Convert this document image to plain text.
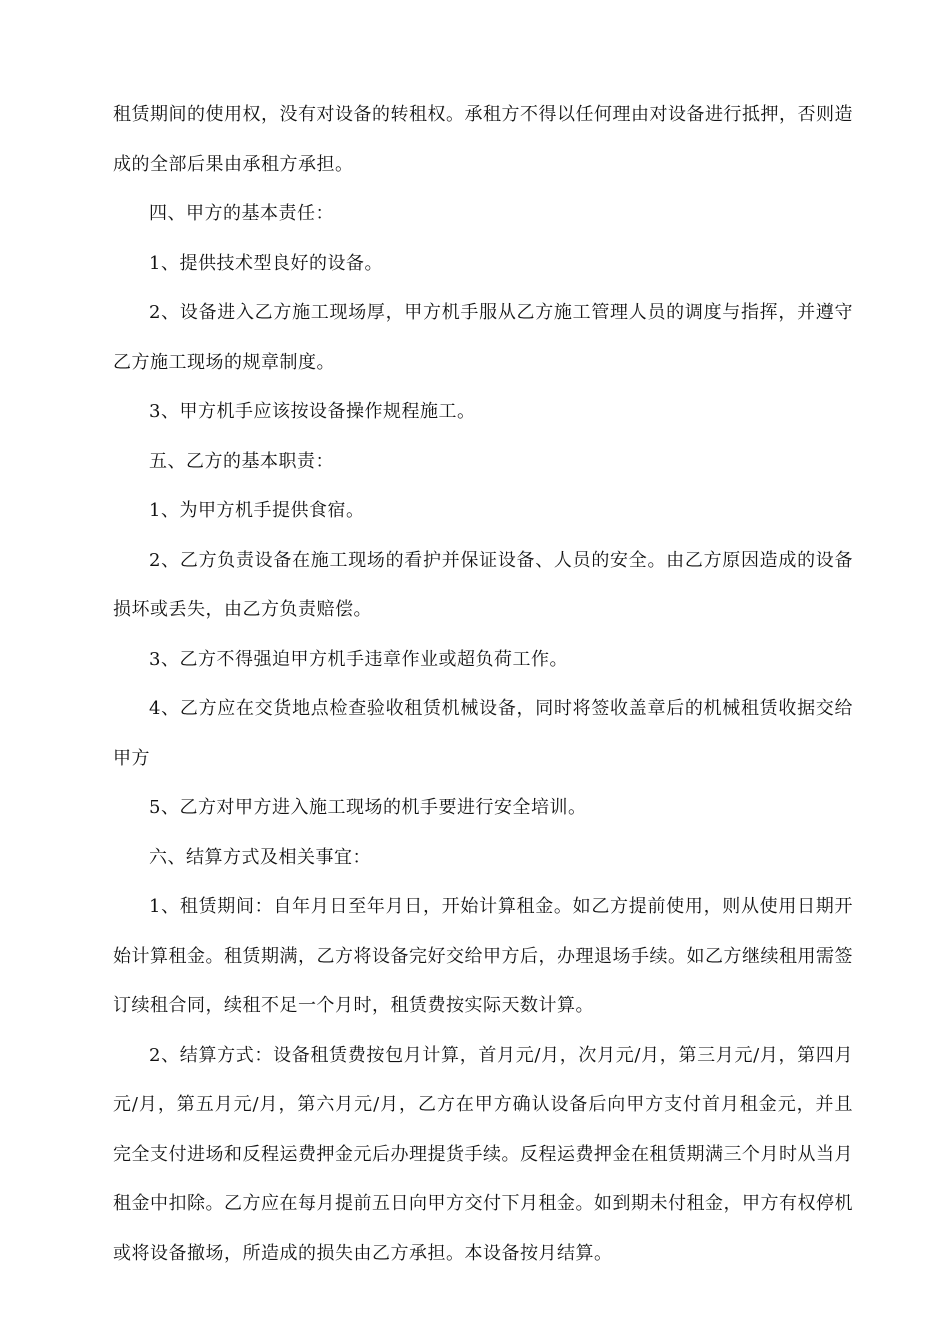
租赁期间的使用权，没有对设备的转租权。承租方不得以任何理由对设备进行抵押，否则造成的全部后果由承租方承担。

四、甲方的基本责任：

1、提供技术型良好的设备。

2、设备进入乙方施工现场厚，甲方机手服从乙方施工管理人员的调度与指挥，并遵守乙方施工现场的规章制度。

3、甲方机手应该按设备操作规程施工。

五、乙方的基本职责：

1、为甲方机手提供食宿。

2、乙方负责设备在施工现场的看护并保证设备、人员的安全。由乙方原因造成的设备损坏或丢失，由乙方负责赔偿。

3、乙方不得强迫甲方机手违章作业或超负荷工作。

4、乙方应在交货地点检查验收租赁机械设备，同时将签收盖章后的机械租赁收据交给甲方

5、乙方对甲方进入施工现场的机手要进行安全培训。

六、结算方式及相关事宜：

1、租赁期间：自年月日至年月日，开始计算租金。如乙方提前使用，则从使用日期开始计算租金。租赁期满，乙方将设备完好交给甲方后，办理退场手续。如乙方继续租用需签订续租合同，续租不足一个月时，租赁费按实际天数计算。

2、结算方式：设备租赁费按包月计算，首月元/月，次月元/月，第三月元/月，第四月元/月，第五月元/月，第六月元/月，乙方在甲方确认设备后向甲方支付首月租金元，并且完全支付进场和反程运费押金元后办理提货手续。反程运费押金在租赁期满三个月时从当月租金中扣除。乙方应在每月提前五日向甲方交付下月租金。如到期未付租金，甲方有权停机或将设备撤场，所造成的损失由乙方承担。本设备按月结算。
